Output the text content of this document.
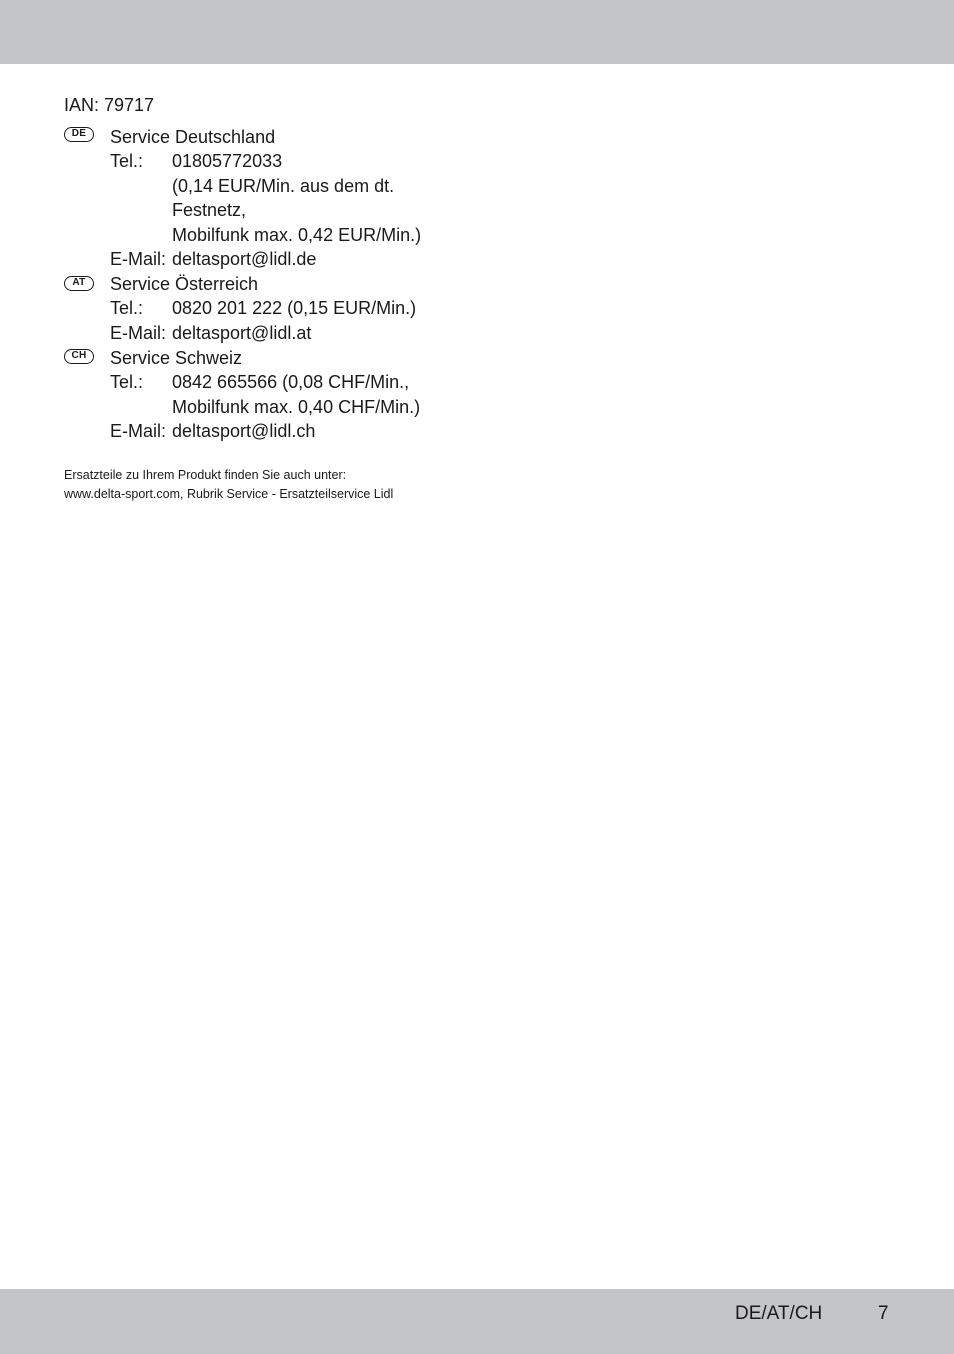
IAN: 79717
DE	Service Deutschland
Tel.: 01805772033
(0,14 EUR/Min. aus dem dt.
Festnetz,
Mobilfunk max. 0,42 EUR/Min.)
E-Mail: deltasport@lidl.de
AT	Service Österreich
Tel.: 0820 201 222 (0,15 EUR/Min.)
E-Mail: deltasport@lidl.at
CH	Service Schweiz
Tel.: 0842 665566 (0,08 CHF/Min.,
Mobilfunk max. 0,40 CHF/Min.)
E-Mail: deltasport@lidl.ch
Ersatzteile zu Ihrem Produkt finden Sie auch unter:
www.delta-sport.com, Rubrik Service - Ersatzteilservice Lidl
DE/AT/CH	7
